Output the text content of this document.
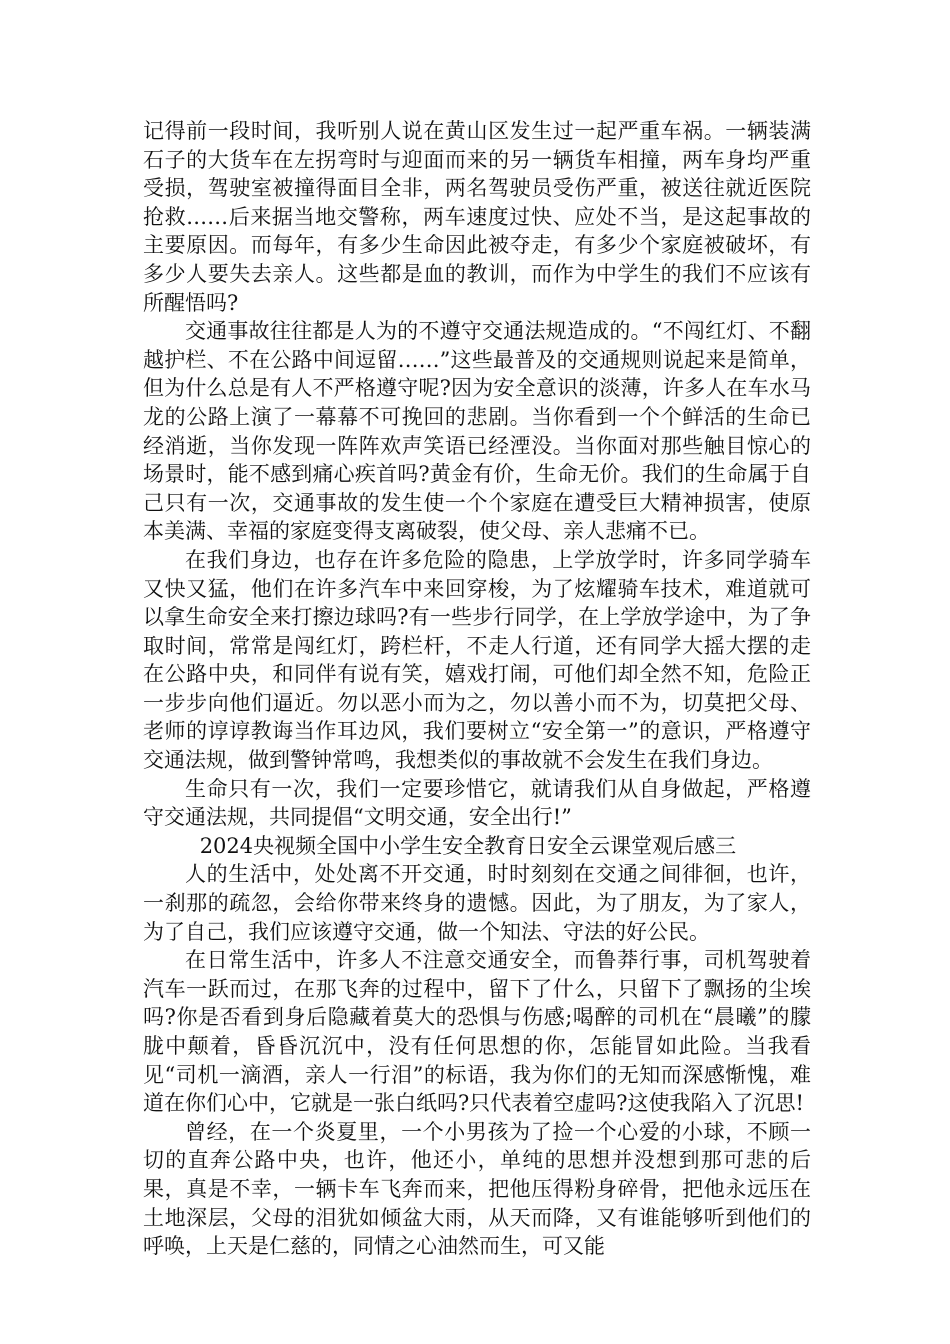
记得前一段时间，我听别人说在黄山区发生过一起严重车祸。一辆装满石子的大货车在左拐弯时与迎面而来的另一辆货车相撞，两车身均严重受损，驾驶室被撞得面目全非，两名驾驶员受伤严重，被送往就近医院抢救……后来据当地交警称，两车速度过快、应处不当，是这起事故的主要原因。而每年，有多少生命因此被夺走，有多少个家庭被破坏，有多少人要失去亲人。这些都是血的教训，而作为中学生的我们不应该有所醒悟吗?

交通事故往往都是人为的不遵守交通法规造成的。“不闯红灯、不翻越护栏、不在公路中间逗留……”这些最普及的交通规则说起来是简单，但为什么总是有人不严格遵守呢?因为安全意识的淡薄，许多人在车水马龙的公路上演了一幕幕不可挽回的悲剧。当你看到一个个鲜活的生命已经消逝，当你发现一阵阵欢声笑语已经湮没。当你面对那些触目惊心的场景时，能不感到痛心疾首吗?黄金有价，生命无价。我们的生命属于自己只有一次，交通事故的发生使一个个家庭在遭受巨大精神损害，使原本美满、幸福的家庭变得支离破裂，使父母、亲人悲痛不已。

在我们身边，也存在许多危险的隐患，上学放学时，许多同学骑车又快又猛，他们在许多汽车中来回穿梭，为了炫耀骑车技术，难道就可以拿生命安全来打擦边球吗?有一些步行同学，在上学放学途中，为了争取时间，常常是闯红灯，跨栏杆，不走人行道，还有同学大摇大摆的走在公路中央，和同伴有说有笑，嬉戏打闹，可他们却全然不知，危险正一步步向他们逼近。勿以恶小而为之，勿以善小而不为，切莫把父母、老师的谆谆教诲当作耳边风，我们要树立“安全第一”的意识，严格遵守交通法规，做到警钟常鸣，我想类似的事故就不会发生在我们身边。

生命只有一次，我们一定要珍惜它，就请我们从自身做起，严格遵守交通法规，共同提倡“文明交通，安全出行!”

2024央视频全国中小学生安全教育日安全云课堂观后感三

人的生活中，处处离不开交通，时时刻刻在交通之间徘徊，也许，一刹那的疏忽，会给你带来终身的遗憾。因此，为了朋友，为了家人，为了自己，我们应该遵守交通，做一个知法、守法的好公民。

在日常生活中，许多人不注意交通安全，而鲁莽行事，司机驾驶着汽车一跃而过，在那飞奔的过程中，留下了什么，只留下了飘扬的尘埃吗?你是否看到身后隐藏着莫大的恐惧与伤感;喝醉的司机在“晨曦”的朦胧中颠着，昏昏沉沉中，没有任何思想的你，怎能冒如此险。当我看见“司机一滴酒，亲人一行泪”的标语，我为你们的无知而深感惭愧，难道在你们心中，它就是一张白纸吗?只代表着空虚吗?这使我陷入了沉思!

曾经，在一个炎夏里，一个小男孩为了捡一个心爱的小球，不顾一切的直奔公路中央，也许，他还小，单纯的思想并没想到那可悲的后果，真是不幸，一辆卡车飞奔而来，把他压得粉身碎骨，把他永远压在土地深层，父母的泪犹如倾盆大雨，从天而降，又有谁能够听到他们的呼唤，上天是仁慈的，同情之心油然而生，可又能
